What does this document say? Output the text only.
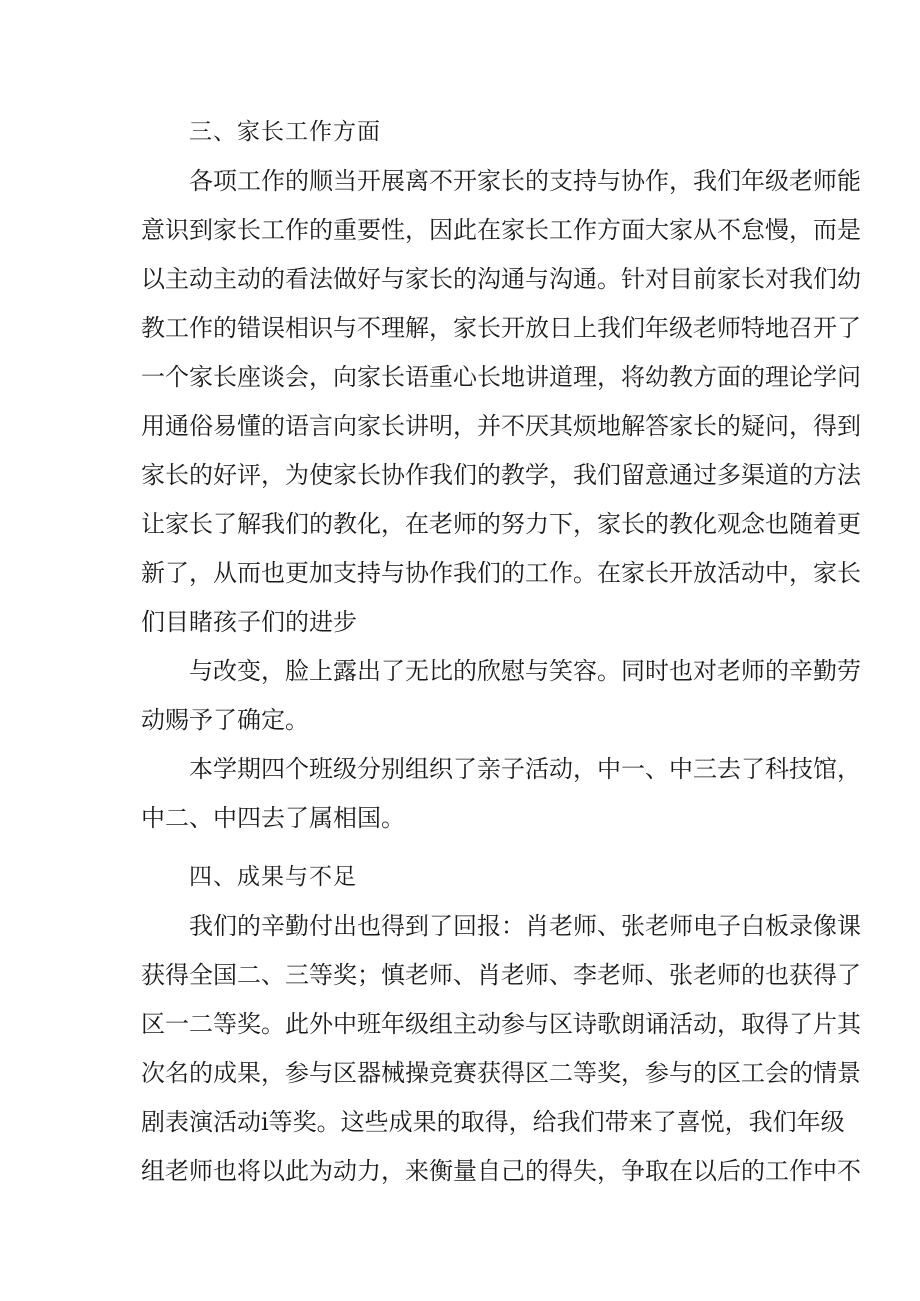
三、家长工作方面
各项工作的顺当开展离不开家长的支持与协作，我们年级老师能
意识到家长工作的重要性，因此在家长工作方面大家从不怠慢，而是
以主动主动的看法做好与家长的沟通与沟通。针对目前家长对我们幼
教工作的错误相识与不理解，家长开放日上我们年级老师特地召开了
一个家长座谈会，向家长语重心长地讲道理，将幼教方面的理论学问
用通俗易懂的语言向家长讲明，并不厌其烦地解答家长的疑问，得到
家长的好评，为使家长协作我们的教学，我们留意通过多渠道的方法
让家长了解我们的教化，在老师的努力下，家长的教化观念也随着更
新了，从而也更加支持与协作我们的工作。在家长开放活动中，家长
们目睹孩子们的进步
与改变，脸上露出了无比的欣慰与笑容。同时也对老师的辛勤劳
动赐予了确定。
本学期四个班级分别组织了亲子活动，中一、中三去了科技馆，
中二、中四去了属相国。
四、成果与不足
我们的辛勤付出也得到了回报：肖老师、张老师电子白板录像课
获得全国二、三等奖；慎老师、肖老师、李老师、张老师的也获得了
区一二等奖。此外中班年级组主动参与区诗歌朗诵活动，取得了片其
次名的成果，参与区器械操竞赛获得区二等奖，参与的区工会的情景
剧表演活动i等奖。这些成果的取得，给我们带来了喜悦，我们年级
组老师也将以此为动力，来衡量自己的得失，争取在以后的工作中不
